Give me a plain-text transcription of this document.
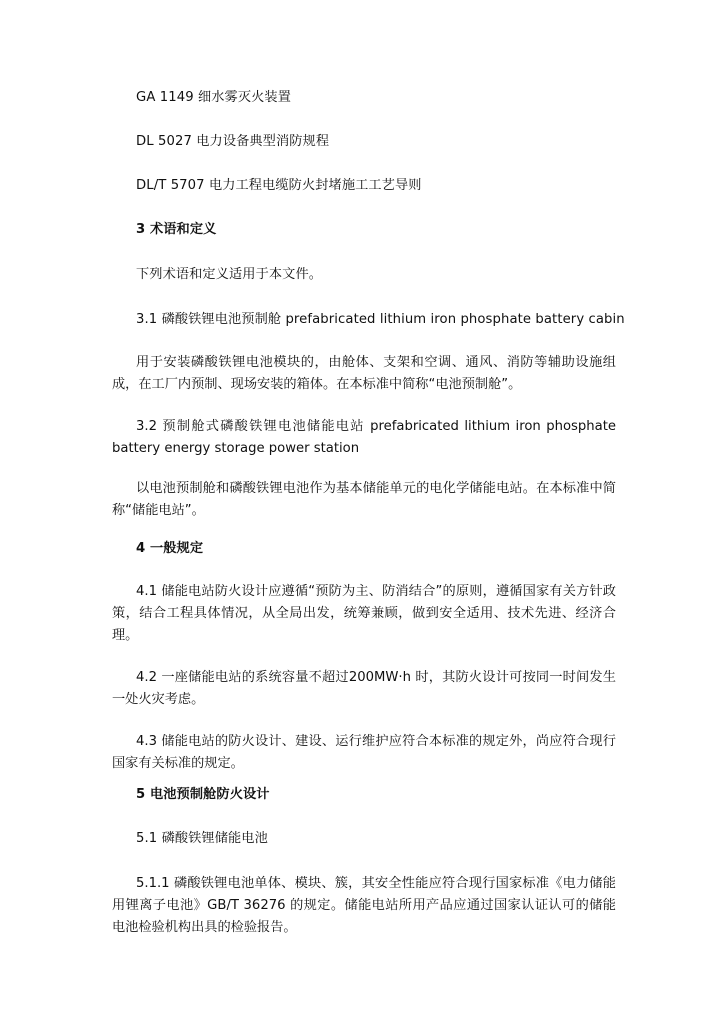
GA 1149 细水雾灭火装置
DL 5027 电力设备典型消防规程
DL/T 5707 电力工程电缆防火封堵施工工艺导则
3 术语和定义
下列术语和定义适用于本文件。
3.1 磷酸铁锂电池预制舱 prefabricated lithium iron phosphate battery cabin
用于安装磷酸铁锂电池模块的，由舱体、支架和空调、通风、消防等辅助设施组成，在工厂内预制、现场安装的箱体。在本标准中简称“电池预制舱”。
3.2 预制舱式磷酸铁锂电池储能电站 prefabricated lithium iron phosphate battery energy storage power station
以电池预制舱和磷酸铁锂电池作为基本储能单元的电化学储能电站。在本标准中简称“储能电站”。
4 一般规定
4.1 储能电站防火设计应遵循“预防为主、防消结合”的原则，遵循国家有关方针政策，结合工程具体情况，从全局出发，统筹兼顾，做到安全适用、技术先进、经济合理。
4.2 一座储能电站的系统容量不超过200MW·h 时，其防火设计可按同一时间发生一处火灾考虑。
4.3 储能电站的防火设计、建设、运行维护应符合本标准的规定外，尚应符合现行国家有关标准的规定。
5 电池预制舱防火设计
5.1 磷酸铁锂储能电池
5.1.1 磷酸铁锂电池单体、模块、簇，其安全性能应符合现行国家标准《电力储能用锂离子电池》GB/T 36276 的规定。储能电站所用产品应通过国家认证认可的储能电池检验机构出具的检验报告。
